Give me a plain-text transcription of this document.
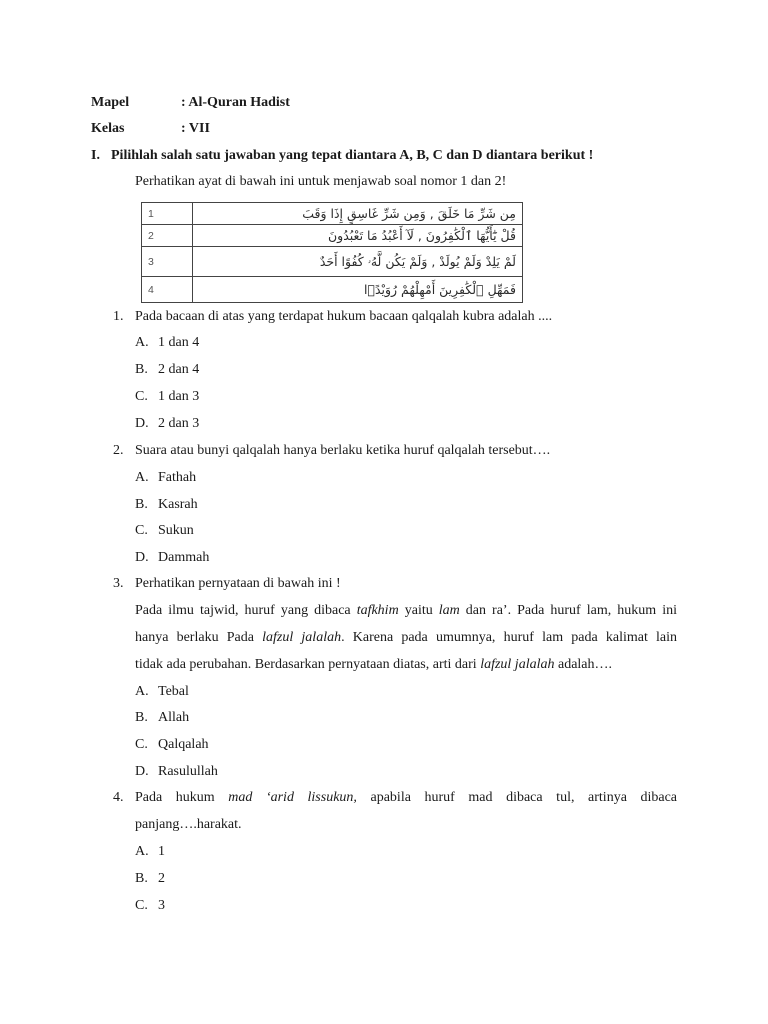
Mapel	: Al-Quran Hadist
Kelas	: VII
I. Pilihlah salah satu jawaban yang tepat diantara A, B, C dan D diantara berikut !
Perhatikan ayat di bawah ini untuk menjawab soal nomor 1 dan 2!
1	مِن شَرِّ مَا خَلَقَ , وَمِن شَرِّ غَاسِقٍ إِذَا وَقَبَ
2	قُلْ يَٰٓأَيُّهَا ٱلْكَٰفِرُونَ , لَآ أَعْبُدُ مَا تَعْبُدُونَ
3	لَمْ يَلِدْ وَلَمْ يُولَدْ , وَلَمْ يَكُن لَّهُۥ كُفُوًا أَحَدٌ
4	فَمَهِّلِ ٱلْكَٰفِرِينَ أَمْهِلْهُمْ رُوَيْدًۢا
1. Pada bacaan di atas yang terdapat hukum bacaan qalqalah kubra adalah ....
A. 1 dan 4
B. 2 dan 4
C. 1 dan 3
D. 2 dan 3
2. Suara atau bunyi qalqalah hanya berlaku ketika huruf qalqalah tersebut….
A. Fathah
B. Kasrah
C. Sukun
D. Dammah
3. Perhatikan pernyataan di bawah ini !
Pada ilmu tajwid, huruf yang dibaca tafkhim yaitu lam dan ra’. Pada huruf lam, hukum ini
hanya berlaku Pada lafzul jalalah. Karena pada umumnya, huruf lam pada kalimat lain
tidak ada perubahan. Berdasarkan pernyataan diatas, arti dari lafzul jalalah adalah….
A. Tebal
B. Allah
C. Qalqalah
D. Rasulullah
4. Pada hukum mad ‘arid lissukun, apabila huruf mad dibaca tul, artinya dibaca
panjang….harakat.
A. 1
B. 2
C. 3
